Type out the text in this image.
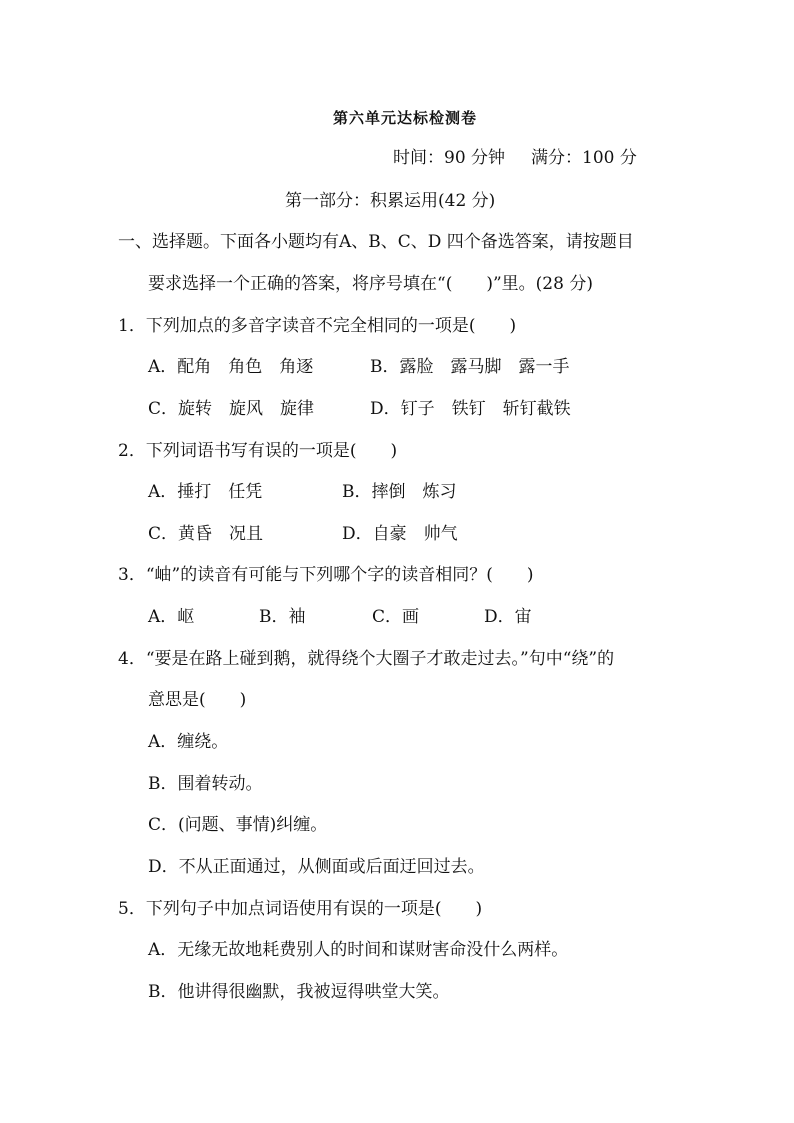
第六单元达标检测卷
时间：90 分钟 满分：100 分
第一部分：积累运用(42 分)
一、选择题。下面各小题均有A、B、C、D 四个备选答案，请按题目
要求选择一个正确的答案，将序号填在“(　　)”里。(28 分)
1．下列加点的多音字读音不完全相同的一项是(　　)
A．配角　角色　角逐	B．露脸　露马脚　露一手
C．旋转　旋风　旋律	D．钉子　铁钉　斩钉截铁
2．下列词语书写有误的一项是(　　)
A．捶打　任凭	B．摔倒　炼习
C．黄昏　况且	D．自豪　帅气
3．“岫”的读音有可能与下列哪个字的读音相同？(　　)
A．岖	B．袖	C．画	D．宙
4．“要是在路上碰到鹅，就得绕个大圈子才敢走过去。”句中“绕”的
意思是(　　)
A．缠绕。
B．围着转动。
C．(问题、事情)纠缠。
D．不从正面通过，从侧面或后面迂回过去。
5．下列句子中加点词语使用有误的一项是(　　)
A．无缘无故地耗费别人的时间和谋财害命没什么两样。
B．他讲得很幽默，我被逗得哄堂大笑。
